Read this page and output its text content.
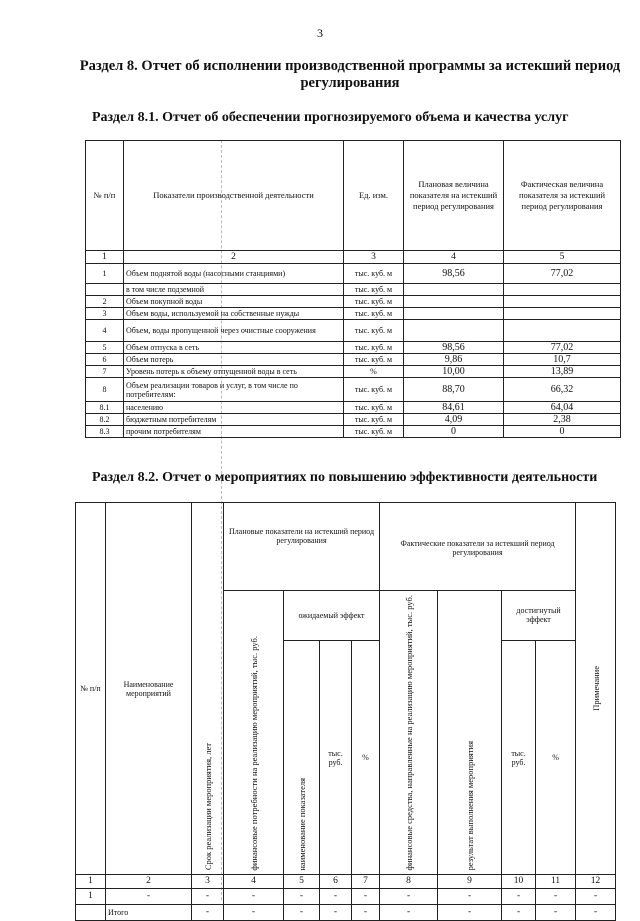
3
Раздел 8. Отчет об исполнении производственной программы за истекший период регулирования
Раздел 8.1. Отчет об обеспечении прогнозируемого объема и качества услуг
№ п/п	Показатели производственной деятельности	Ед. изм.	Плановая величина показателя на истекший период регулирования	Фактическая величина показателя за истекший период регулирования
1	2	3	4	5
1	Объем поднятой воды (насосными станциями)	тыс. куб. м	98,56	77,02
	в том числе подземной	тыс. куб. м		
2	Объем покупной воды	тыс. куб. м		
3	Объем воды, используемой на собственные нужды	тыс. куб. м		
4	Объем, воды пропущенной через очистные сооружения	тыс. куб. м		
5	Объем отпуска в сеть	тыс. куб. м	98,56	77,02
6	Объем потерь	тыс. куб. м	9,86	10,7
7	Уровень потерь к объему отпущенной воды в сеть	%	10,00	13,89
8	Объем реализации товаров и услуг, в том числе по потребителям:	тыс. куб. м	88,70	66,32
8.1	населению	тыс. куб. м	84,61	64,04
8.2	бюджетным потребителям	тыс. куб. м	4,09	2,38
8.3	прочим потребителям	тыс. куб. м	0	0
Раздел 8.2. Отчет о мероприятиях по повышению эффективности деятельности
№ п/п	Наименование мероприятий	Срок реализации мероприятия, лет	Плановые показатели на истекший период регулирования				Фактические показатели за истекший период регулирования				Примечание

			финансовые потребности на реализацию мероприятий, тыс. руб.	ожидаемый эффект			финансовые средства, направленные на реализацию мероприятий, тыс. руб.	результат выполнения мероприятия	достигнутый эффект		

				наименование показателя	тыс. руб.	%			тыс. руб.	%	
1	2	3	4	5	6	7	8	9	10	11	12
1	-	-	-	-	-	-	-	-	-	-	-
	Итого	-	-	-	-	-	-	-	-	-	-
